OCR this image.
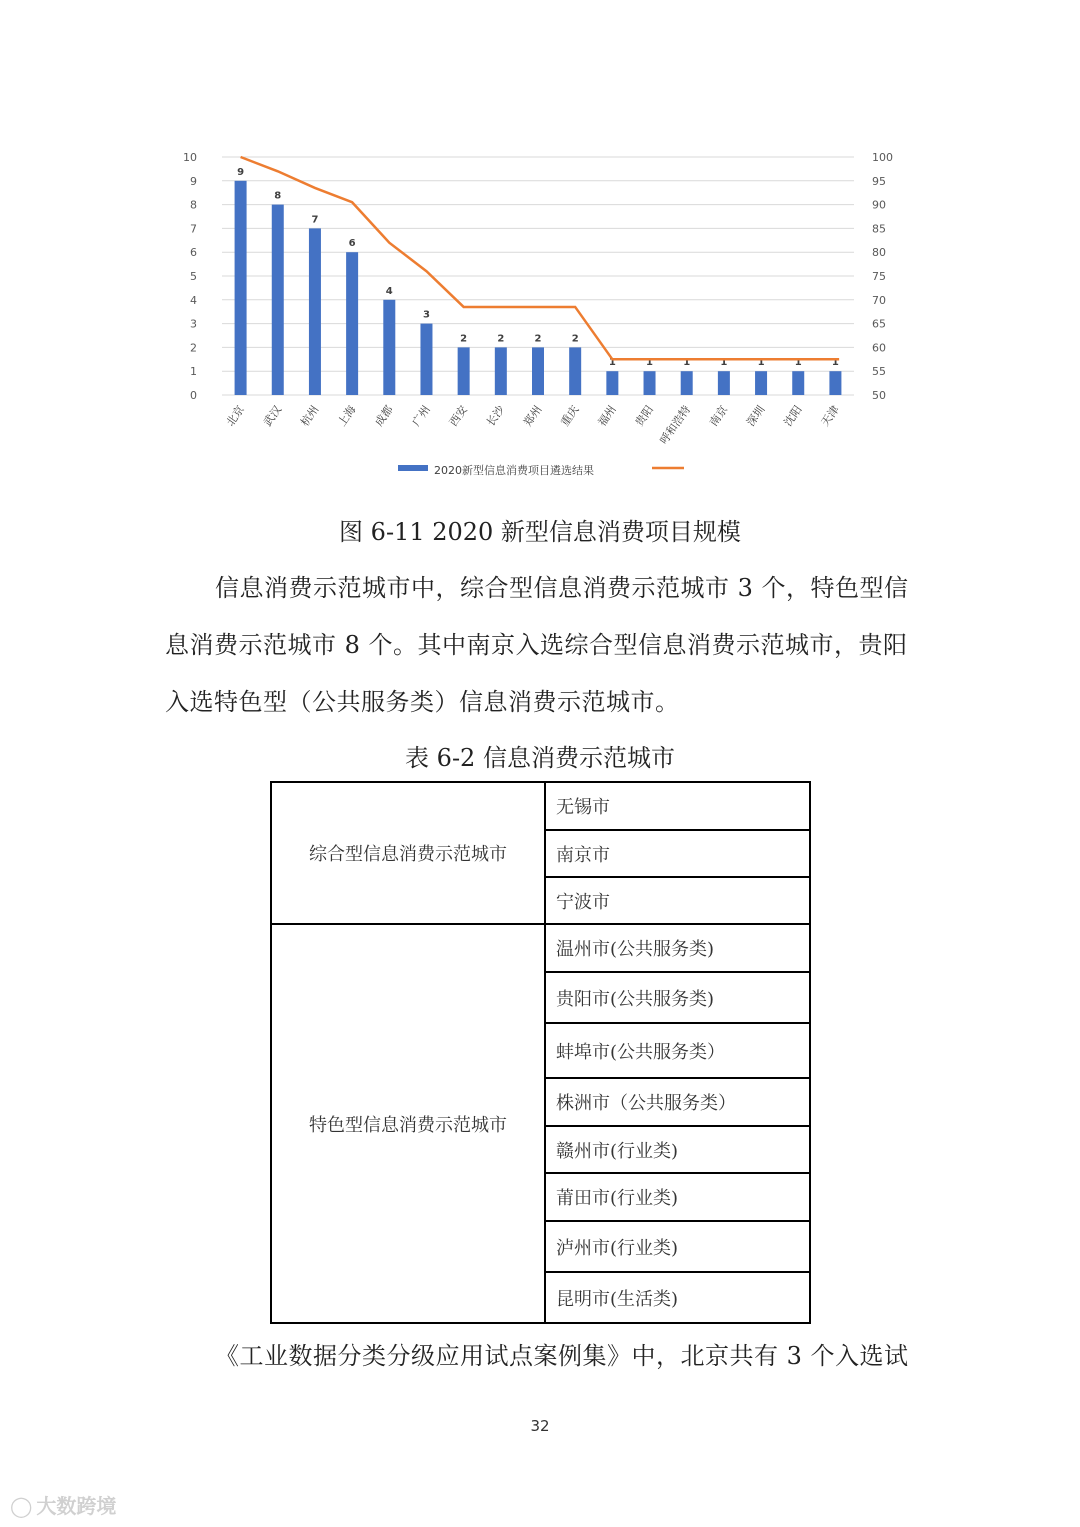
0
1
2
3
4
5
6
7
8
9
10
50
55
60
65
70
75
80
85
90
95
100
9
8
7
6
4
3
2	2	2	2
1	1	1	1	1	1	1
北京 武汉 杭州 上海 成都 广州 西安 长沙 郑州 重庆 福州 贵阳 呼和浩特 南京 深圳 沈阳 天津
2020新型信息消费项目遴选结果
图 6-11 2020 新型信息消费项目规模
信息消费示范城市中，综合型信息消费示范城市 3 个，特色型信
息消费示范城市 8 个。其中南京入选综合型信息消费示范城市，贵阳
入选特色型（公共服务类）信息消费示范城市。
表 6-2 信息消费示范城市
综合型信息消费示范城市	无锡市
	南京市
	宁波市
特色型信息消费示范城市	温州市(公共服务类)
	贵阳市(公共服务类)
	蚌埠市(公共服务类）
	株洲市（公共服务类）
	赣州市(行业类)
	莆田市(行业类)
	泸州市(行业类)
	昆明市(生活类)
《工业数据分类分级应用试点案例集》中，北京共有 3 个入选试
32
◯ 大数跨境
